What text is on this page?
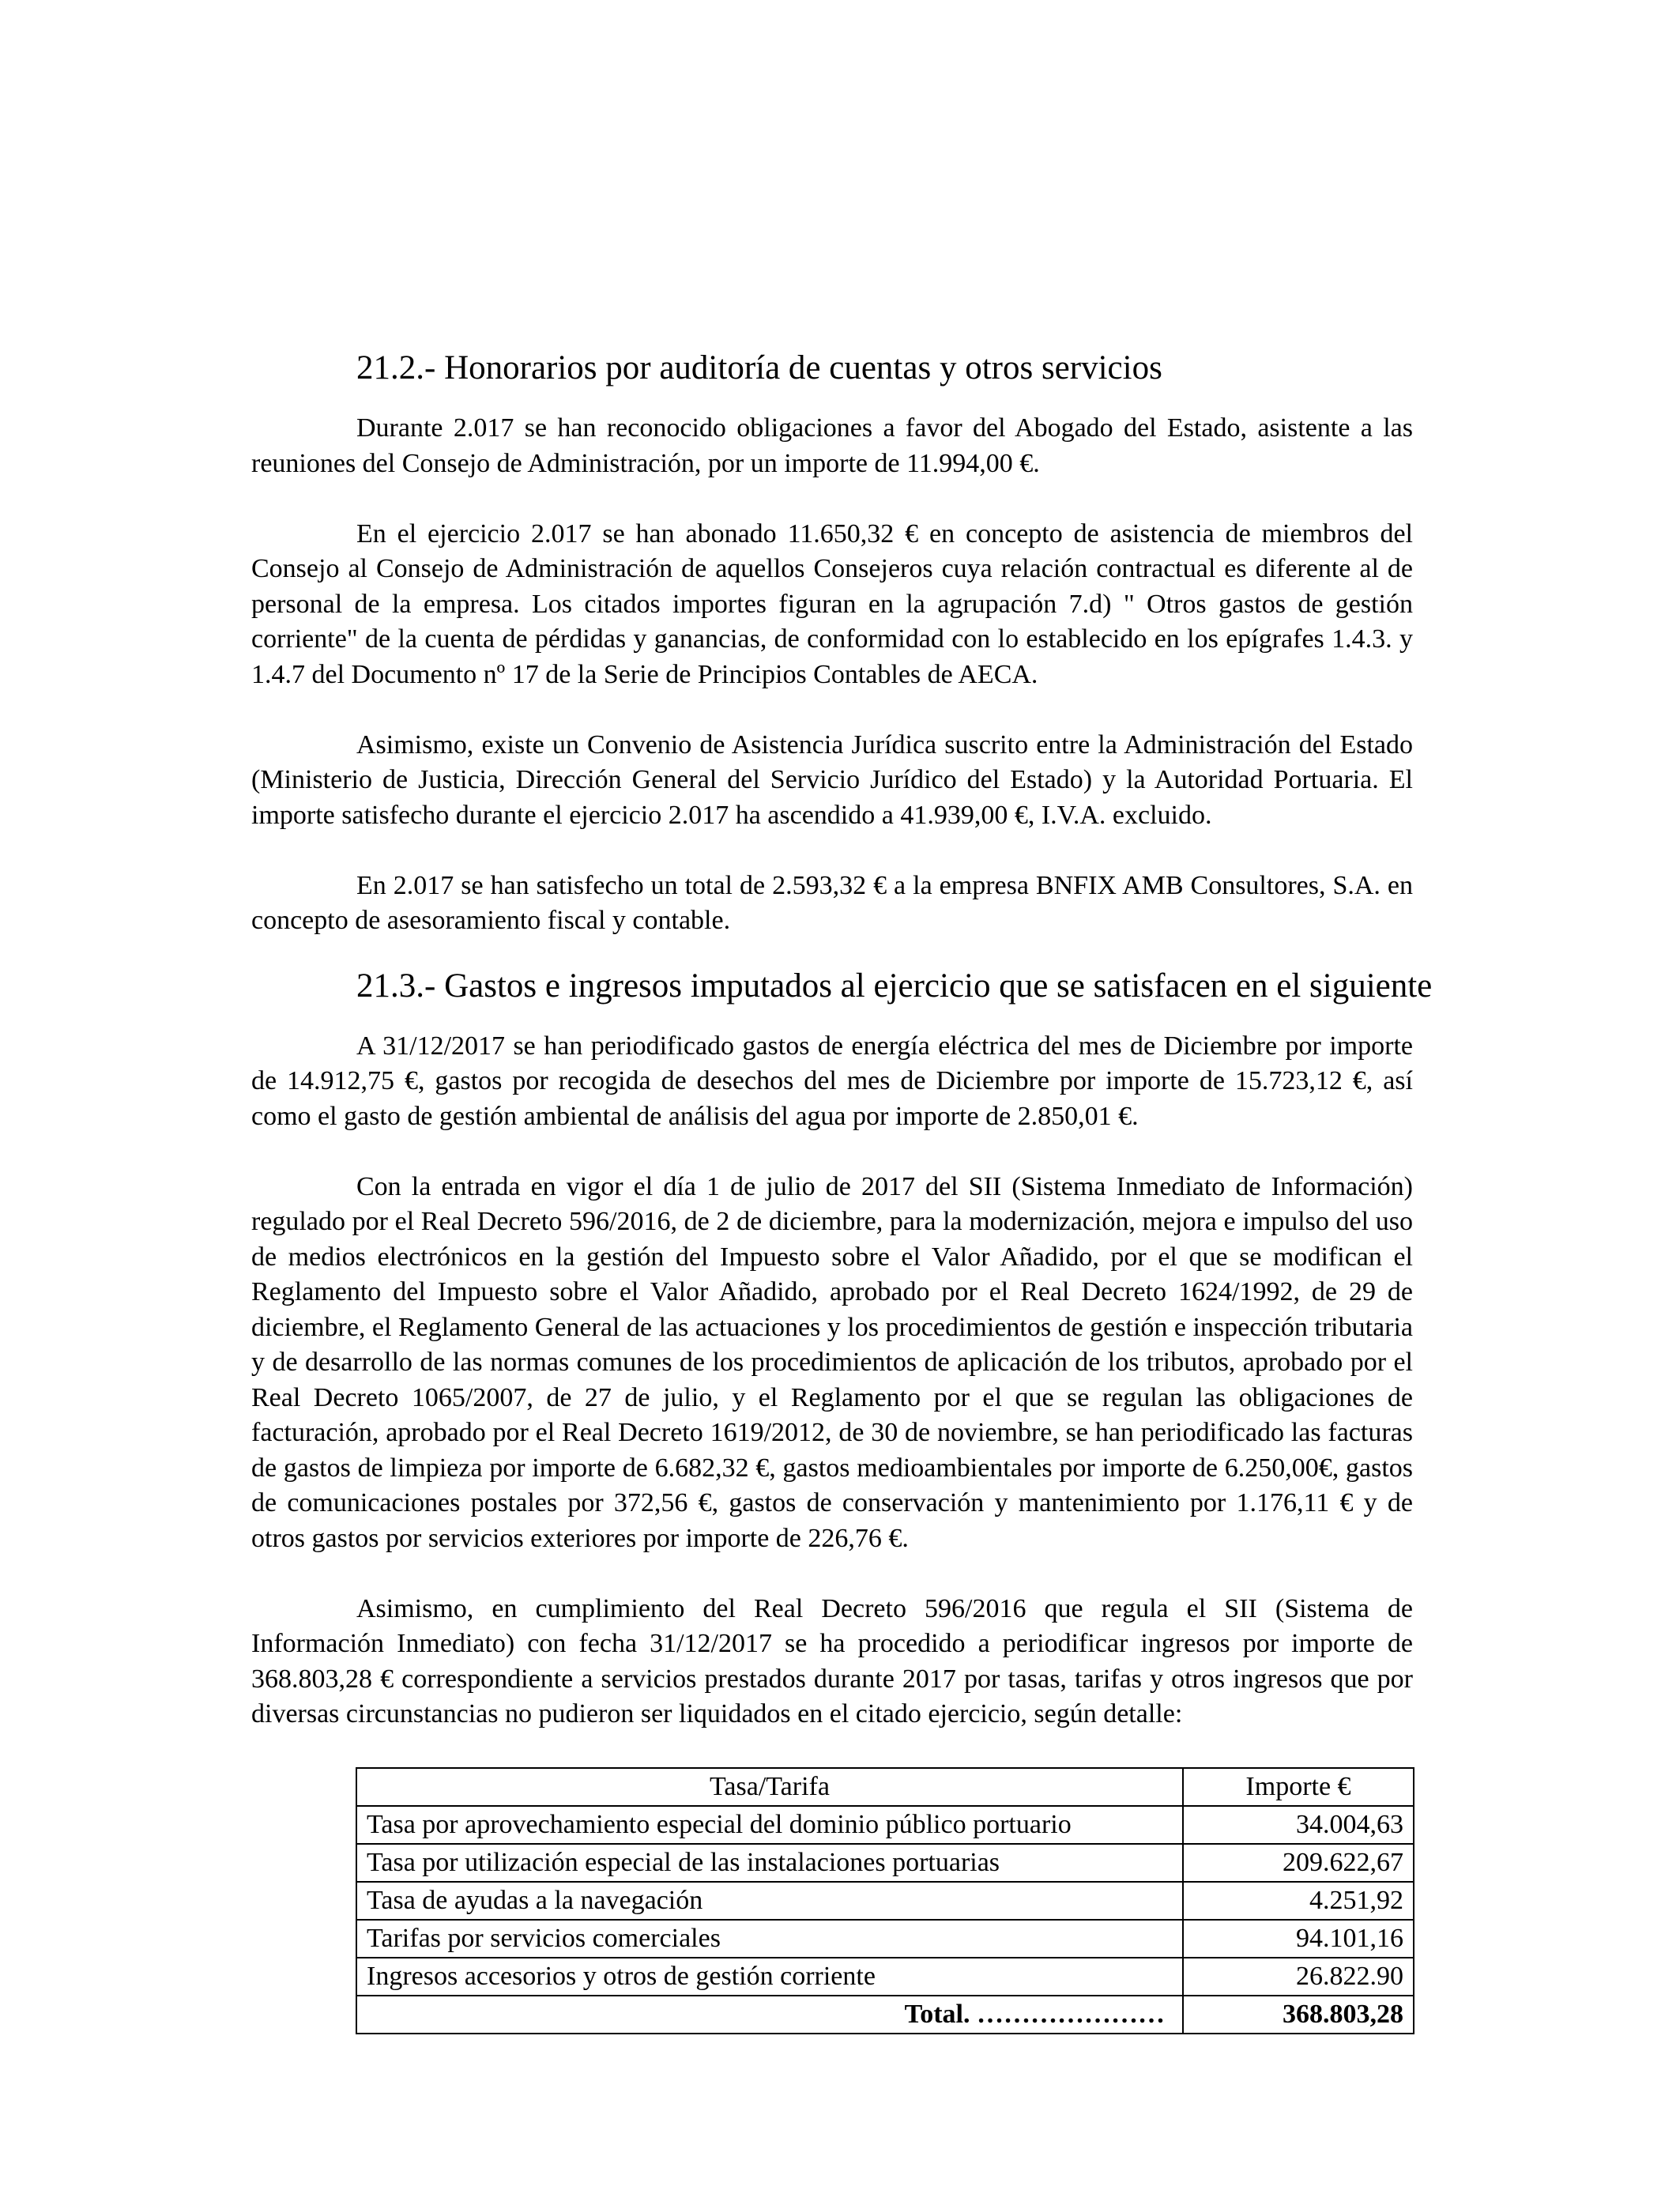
21.2.- Honorarios por auditoría de cuentas y otros servicios

Durante 2.017 se han reconocido obligaciones a favor del Abogado del Estado, asistente a las reuniones del Consejo de Administración, por un importe de 11.994,00 €.

En el ejercicio 2.017 se han abonado 11.650,32 € en concepto de asistencia de miembros del Consejo al Consejo de Administración de aquellos Consejeros cuya relación contractual es diferente al de personal de la empresa. Los citados importes figuran en la agrupación 7.d) " Otros gastos de gestión corriente" de la cuenta de pérdidas y ganancias, de conformidad con lo establecido en los epígrafes 1.4.3. y 1.4.7 del Documento nº 17 de la Serie de Principios Contables de AECA.

Asimismo, existe un Convenio de Asistencia Jurídica suscrito entre la Administración del Estado (Ministerio de Justicia, Dirección General del Servicio Jurídico del Estado) y la Autoridad Portuaria. El importe satisfecho durante el ejercicio 2.017 ha ascendido a 41.939,00 €, I.V.A. excluido.

En 2.017 se han satisfecho un total de 2.593,32 € a la empresa BNFIX AMB Consultores, S.A. en concepto de asesoramiento fiscal y contable.

21.3.- Gastos e ingresos imputados al ejercicio que se satisfacen en el siguiente

A 31/12/2017 se han periodificado gastos de energía eléctrica del mes de Diciembre por importe de 14.912,75 €, gastos por recogida de desechos del mes de Diciembre por importe de 15.723,12 €, así como el gasto de gestión ambiental de análisis del agua por importe de 2.850,01 €.

Con la entrada en vigor el día 1 de julio de 2017 del SII (Sistema Inmediato de Información) regulado por el Real Decreto 596/2016, de 2 de diciembre, para la modernización, mejora e impulso del uso de medios electrónicos en la gestión del Impuesto sobre el Valor Añadido, por el que se modifican el Reglamento del Impuesto sobre el Valor Añadido, aprobado por el Real Decreto 1624/1992, de 29 de diciembre, el Reglamento General de las actuaciones y los procedimientos de gestión e inspección tributaria y de desarrollo de las normas comunes de los procedimientos de aplicación de los tributos, aprobado por el Real Decreto 1065/2007, de 27 de julio, y el Reglamento por el que se regulan las obligaciones de facturación, aprobado por el Real Decreto 1619/2012, de 30 de noviembre, se han periodificado las facturas de gastos de limpieza por importe de 6.682,32 €, gastos medioambientales por importe de 6.250,00€, gastos de comunicaciones postales por 372,56 €, gastos de conservación y mantenimiento por 1.176,11 € y de otros gastos por servicios exteriores por importe de 226,76 €.

Asimismo, en cumplimiento del Real Decreto 596/2016 que regula el SII (Sistema de Información Inmediato) con fecha 31/12/2017 se ha procedido a periodificar ingresos por importe de 368.803,28 € correspondiente a servicios prestados durante 2017 por tasas, tarifas y otros ingresos que por diversas circunstancias no pudieron ser liquidados en el citado ejercicio, según detalle:

Tasa/Tarifa	Importe €
Tasa por aprovechamiento especial del dominio público portuario	34.004,63
Tasa por utilización especial de las instalaciones portuarias	209.622,67
Tasa de ayudas a la navegación	4.251,92
Tarifas por servicios comerciales	94.101,16
Ingresos accesorios y otros de gestión corriente	26.822.90
Total. …………………	368.803,28
